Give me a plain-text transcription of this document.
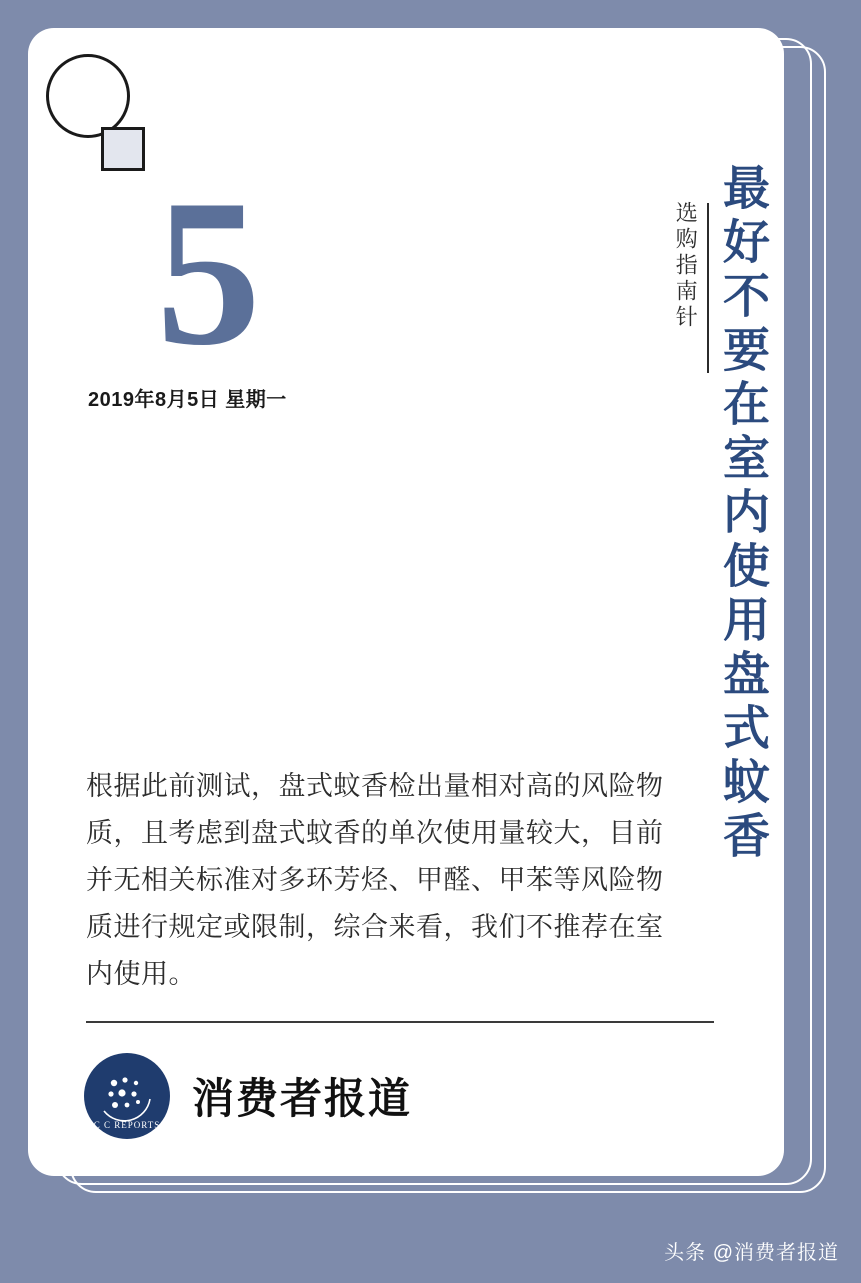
5
2019年8月5日 星期一
选购指南针 最好不要在室内使用盘式蚊香
根据此前测试，盘式蚊香检出量相对高的风险物质，且考虑到盘式蚊香的单次使用量较大，目前并无相关标准对多环芳烃、甲醛、甲苯等风险物质进行规定或限制，综合来看，我们不推荐在室内使用。
C C REPORTS
消费者报道
头条 @消费者报道
